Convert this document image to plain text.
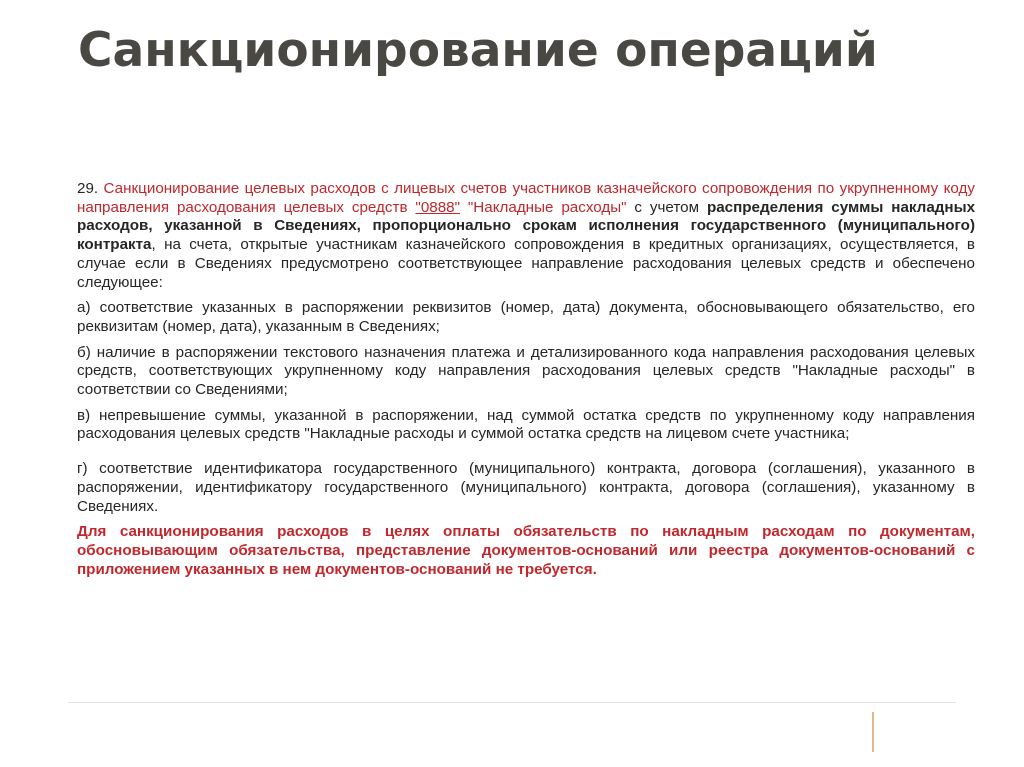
Санкционирование операций

29. Санкционирование целевых расходов с лицевых счетов участников казначейского сопровождения по укрупненному коду направления расходования целевых средств "0888" "Накладные расходы" с учетом распределения суммы накладных расходов, указанной в Сведениях, пропорционально срокам исполнения государственного (муниципального) контракта, на счета, открытые участникам казначейского сопровождения в кредитных организациях, осуществляется, в случае если в Сведениях предусмотрено соответствующее направление расходования целевых средств и обеспечено следующее:

а) соответствие указанных в распоряжении реквизитов (номер, дата) документа, обосновывающего обязательство, его реквизитам (номер, дата), указанным в Сведениях;

б) наличие в распоряжении текстового назначения платежа и детализированного кода направления расходования целевых средств, соответствующих укрупненному коду направления расходования целевых средств "Накладные расходы" в соответствии со Сведениями;

в) непревышение суммы, указанной в распоряжении, над суммой остатка средств по укрупненному коду направления расходования целевых средств "Накладные расходы и суммой остатка средств на лицевом счете участника;

г) соответствие идентификатора государственного (муниципального) контракта, договора (соглашения), указанного в распоряжении, идентификатору государственного (муниципального) контракта, договора (соглашения), указанному в Сведениях.

Для санкционирования расходов в целях оплаты обязательств по накладным расходам по документам, обосновывающим обязательства, представление документов-оснований или реестра документов-оснований с приложением указанных в нем документов-оснований не требуется.
